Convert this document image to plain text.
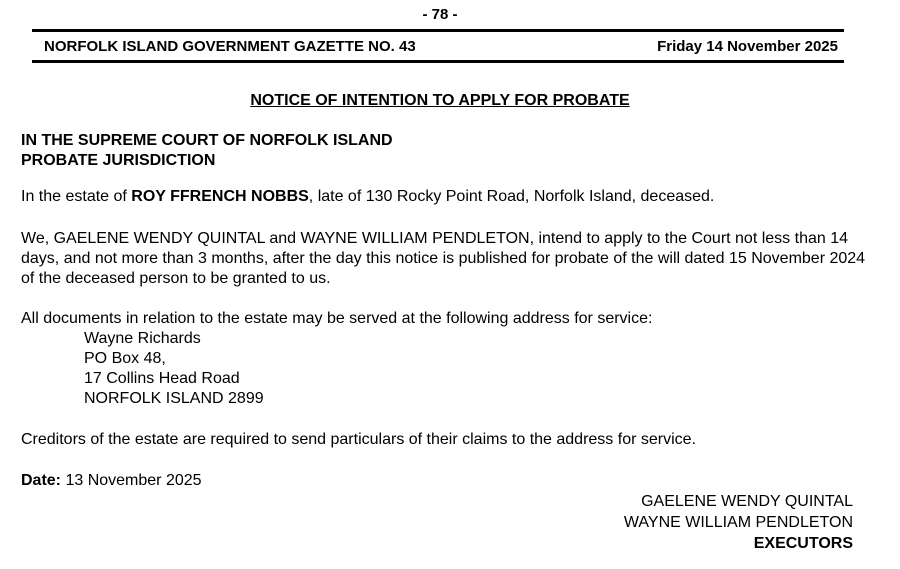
- 78 -
NORFOLK ISLAND GOVERNMENT GAZETTE NO. 43	Friday 14 November 2025
NOTICE OF INTENTION TO APPLY FOR PROBATE
IN THE SUPREME COURT OF NORFOLK ISLAND
PROBATE JURISDICTION
In the estate of ROY FFRENCH NOBBS, late of 130 Rocky Point Road, Norfolk Island, deceased.
We, GAELENE WENDY QUINTAL and WAYNE WILLIAM PENDLETON, intend to apply to the Court not less than 14 days, and not more than 3 months, after the day this notice is published for probate of the will dated 15 November 2024 of the deceased person to be granted to us.
All documents in relation to the estate may be served at the following address for service:
Wayne Richards
PO Box 48,
17 Collins Head Road
NORFOLK ISLAND 2899
Creditors of the estate are required to send particulars of their claims to the address for service.
Date: 13 November 2025
GAELENE WENDY QUINTAL
WAYNE WILLIAM PENDLETON
EXECUTORS
